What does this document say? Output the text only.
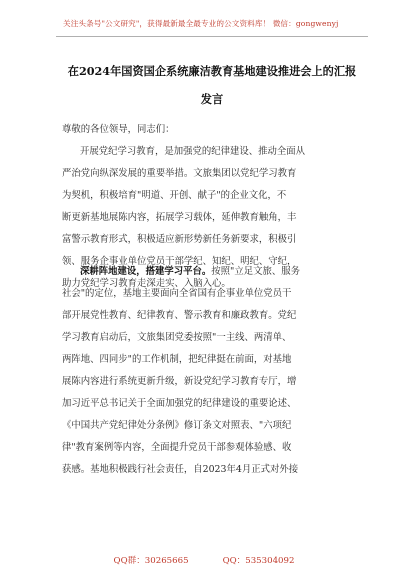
关注头条号"公文研究"，获得最新最全最专业的公文资料库！ 微信：gongwenyj
在2024年国资国企系统廉洁教育基地建设推进会上的汇报
发言
尊敬的各位领导，同志们：
开展党纪学习教育，是加强党的纪律建设、推动全面从
严治党向纵深发展的重要举措。文旅集团以党纪学习教育
为契机，积极培育"明道、开创、献子"的企业文化，不
断更新基地展陈内容，拓展学习载体，延伸教育触角，丰
富警示教育形式，积极适应新形势新任务新要求，积极引
领、服务企事业单位党员干部学纪、知纪、明纪、守纪，
助力党纪学习教育走深走实、入脑入心。
深耕阵地建设，搭建学习平台。按照"立足文旅、服务
社会"的定位，基地主要面向全省国有企事业单位党员干
部开展党性教育、纪律教育、警示教育和廉政教育。党纪
学习教育启动后，文旅集团党委按照"一主线、两清单、
两阵地、四同步"的工作机制，把纪律挺在前面，对基地
展陈内容进行系统更新升级，新设党纪学习教育专厅，增
加习近平总书记关于全面加强党的纪律建设的重要论述、
《中国共产党纪律处分条例》修订条文对照表、"六项纪
律"教育案例等内容，全面提升党员干部参观体验感、收
获感。基地积极践行社会责任，自2023年4月正式对外接
QQ群：30265665	QQ：535304092
